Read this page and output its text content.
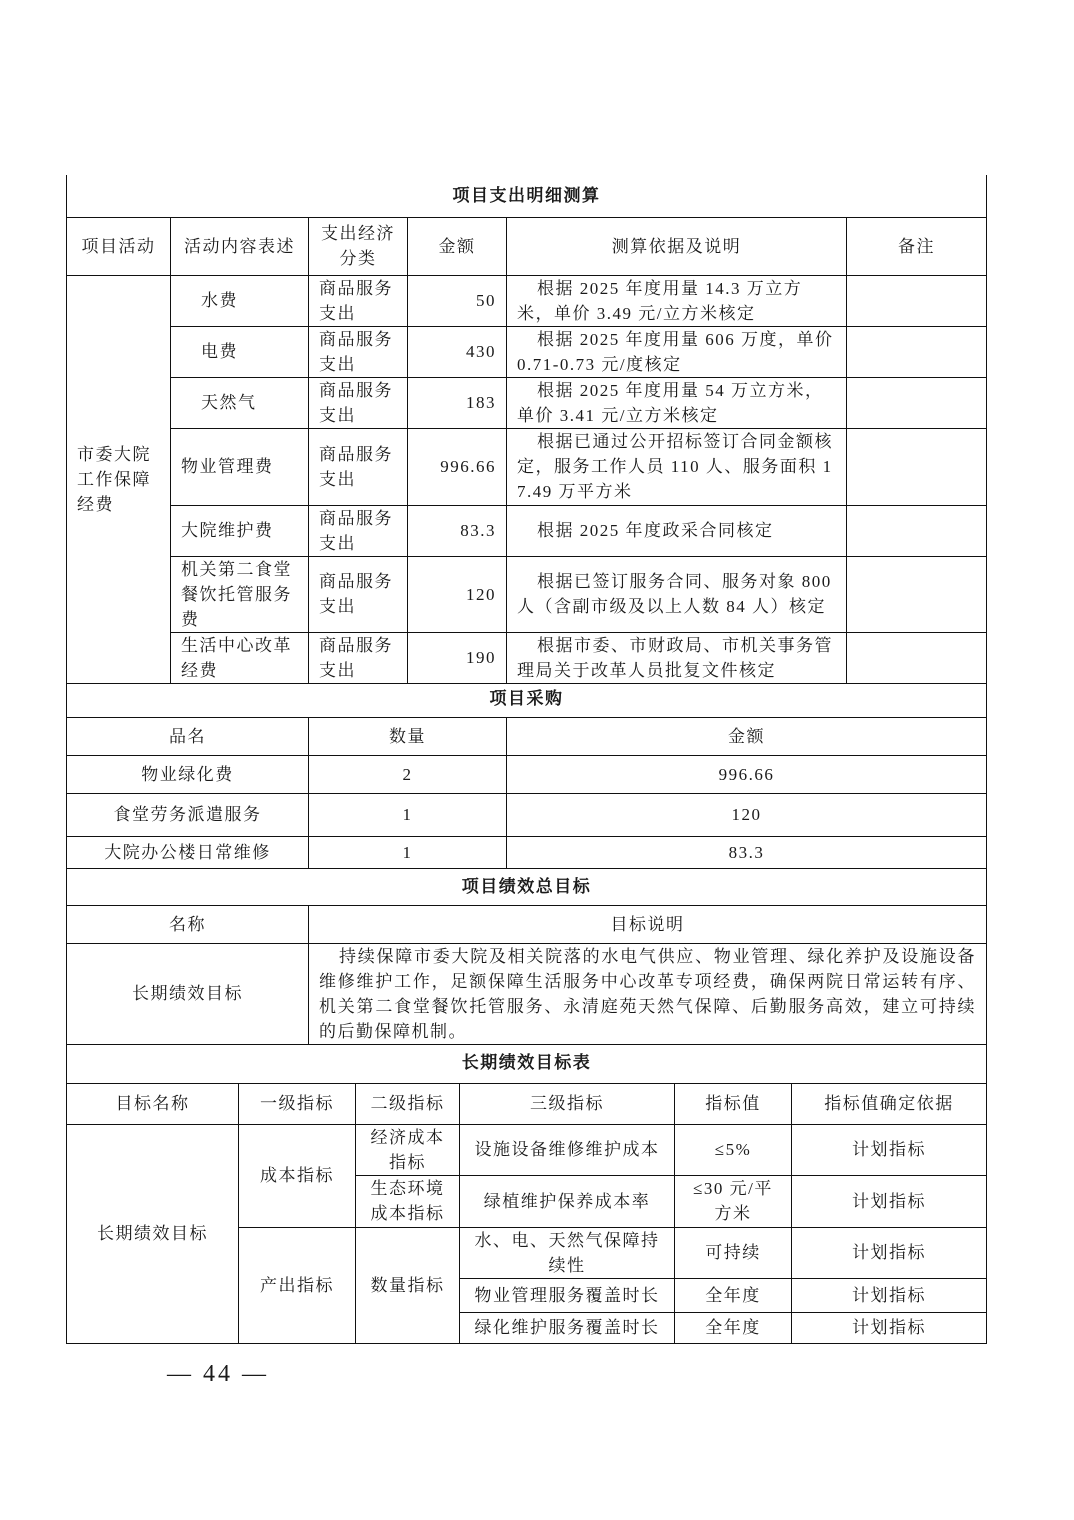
项目支出明细测算					
项目活动	活动内容表述	支出经济分类	金额	测算依据及说明	备注
市委大院工作保障经费	水费	商品服务支出	50	根据 2025 年度用量 14.3 万立方米，单价 3.49 元/立方米核定	
	电费	商品服务支出	430	根据 2025 年度用量 606 万度，单价 0.71-0.73 元/度核定	
	天然气	商品服务支出	183	根据 2025 年度用量 54 万立方米，单价 3.41 元/立方米核定	
	物业管理费	商品服务支出	996.66	根据已通过公开招标签订合同金额核定，服务工作人员 110 人、服务面积 17.49 万平方米	
	大院维护费	商品服务支出	83.3	根据 2025 年度政采合同核定	
	机关第二食堂餐饮托管服务费	商品服务支出	120	根据已签订服务合同、服务对象 800 人（含副市级及以上人数 84 人）核定	
	生活中心改革经费	商品服务支出	190	根据市委、市财政局、市机关事务管理局关于改革人员批复文件核定	
项目采购		
品名	数量	金额
物业绿化费	2	996.66
食堂劳务派遣服务	1	120
大院办公楼日常维修	1	83.3
项目绩效总目标	
名称	目标说明
长期绩效目标	持续保障市委大院及相关院落的水电气供应、物业管理、绿化养护及设施设备维修维护工作，足额保障生活服务中心改革专项经费，确保两院日常运转有序、机关第二食堂餐饮托管服务、永清庭苑天然气保障、后勤服务高效，建立可持续的后勤保障机制。
长期绩效目标表					
目标名称	一级指标	二级指标	三级指标	指标值	指标值确定依据
长期绩效目标	成本指标	经济成本指标	设施设备维修维护成本	≤5%	计划指标
		生态环境成本指标	绿植维护保养成本率	≤30 元/平方米	计划指标
	产出指标	数量指标	水、电、天然气保障持续性	可持续	计划指标
			物业管理服务覆盖时长	全年度	计划指标
			绿化维护服务覆盖时长	全年度	计划指标
— 44 —
